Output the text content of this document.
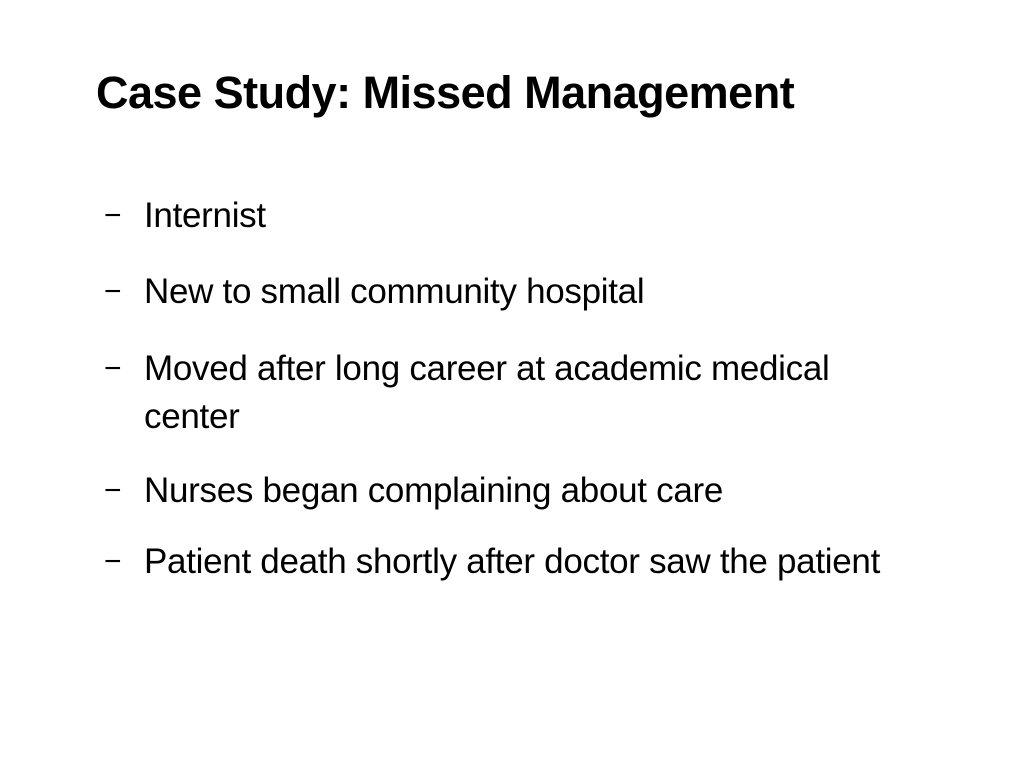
Case Study: Missed Management
− Internist
− New to small community hospital
− Moved after long career at academic medical center
− Nurses began complaining about care
− Patient death shortly after doctor saw the patient
